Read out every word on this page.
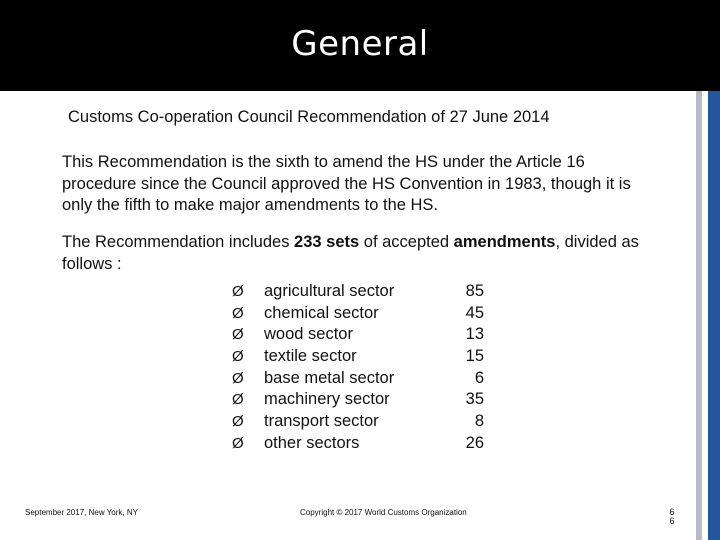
General
Customs Co-operation Council Recommendation of 27 June 2014
This Recommendation is the sixth to amend the HS under the Article 16 procedure since the Council approved the HS Convention in 1983, though it is only the fifth to make major amendments to the HS.
The Recommendation includes 233 sets of accepted amendments, divided as follows :
Ø agricultural sector	85
Ø chemical sector	45
Ø wood sector	13
Ø textile sector	15
Ø base metal sector	6
Ø machinery sector	35
Ø transport sector	8
Ø other sectors	26
September 2017, New York, NY	Copyright © 2017 World Customs Organization	66
